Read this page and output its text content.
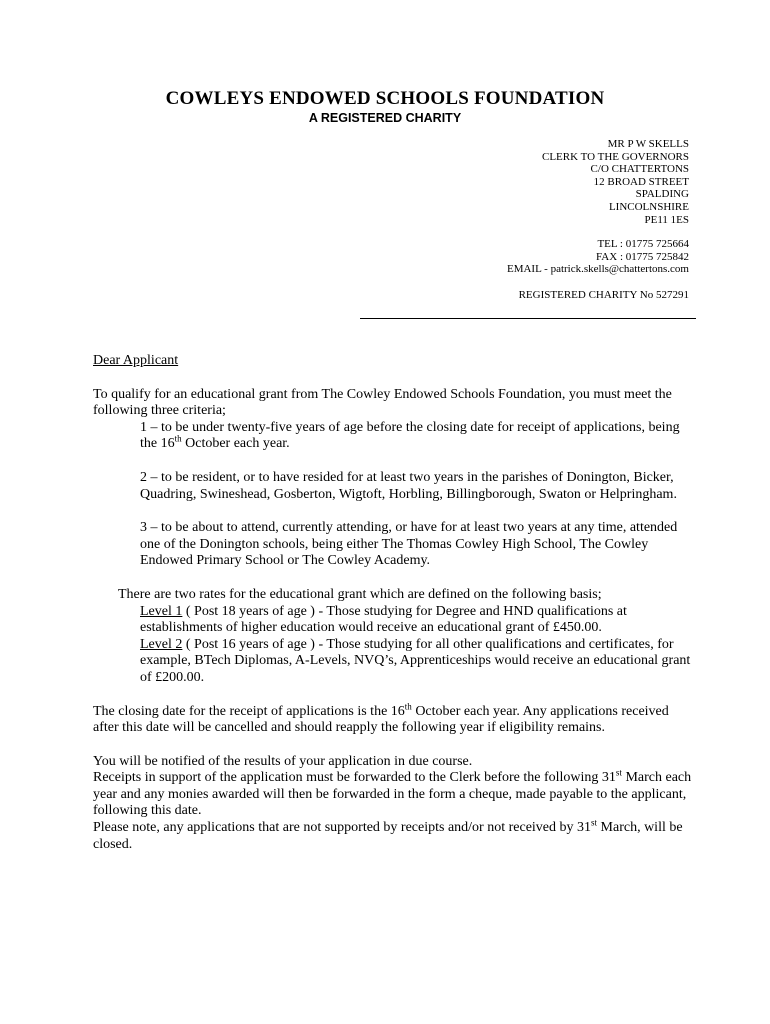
COWLEYS ENDOWED SCHOOLS FOUNDATION
A REGISTERED CHARITY
MR P W SKELLS
CLERK TO THE GOVERNORS
C/O CHATTERTONS
12 BROAD STREET
SPALDING
LINCOLNSHIRE
PE11 1ES
TEL : 01775 725664
FAX : 01775 725842
EMAIL - patrick.skells@chattertons.com
REGISTERED CHARITY No 527291

Dear Applicant

To qualify for an educational grant from The Cowley Endowed Schools Foundation, you must meet the following three criteria;

1 – to be under twenty-five years of age before the closing date for receipt of applications, being the 16th October each year.

2 – to be resident, or to have resided for at least two years in the parishes of Donington, Bicker, Quadring, Swineshead, Gosberton, Wigtoft, Horbling, Billingborough, Swaton or Helpringham.

3 – to be about to attend, currently attending, or have for at least two years at any time, attended one of the Donington schools, being either The Thomas Cowley High School, The Cowley Endowed Primary School or The Cowley Academy.

There are two rates for the educational grant which are defined on the following basis;

Level 1 ( Post 18 years of age ) - Those studying for Degree and HND qualifications at establishments of higher education would receive an educational grant of £450.00.

Level 2 ( Post 16 years of age ) - Those studying for all other qualifications and certificates, for example, BTech Diplomas, A-Levels, NVQ’s, Apprenticeships would receive an educational grant of £200.00.

The closing date for the receipt of applications is the 16th October each year. Any applications received after this date will be cancelled and should reapply the following year if eligibility remains.

You will be notified of the results of your application in due course.

Receipts in support of the application must be forwarded to the Clerk before the following 31st March each year and any monies awarded will then be forwarded in the form a cheque, made payable to the applicant, following this date.

Please note, any applications that are not supported by receipts and/or not received by 31st March, will be closed.
